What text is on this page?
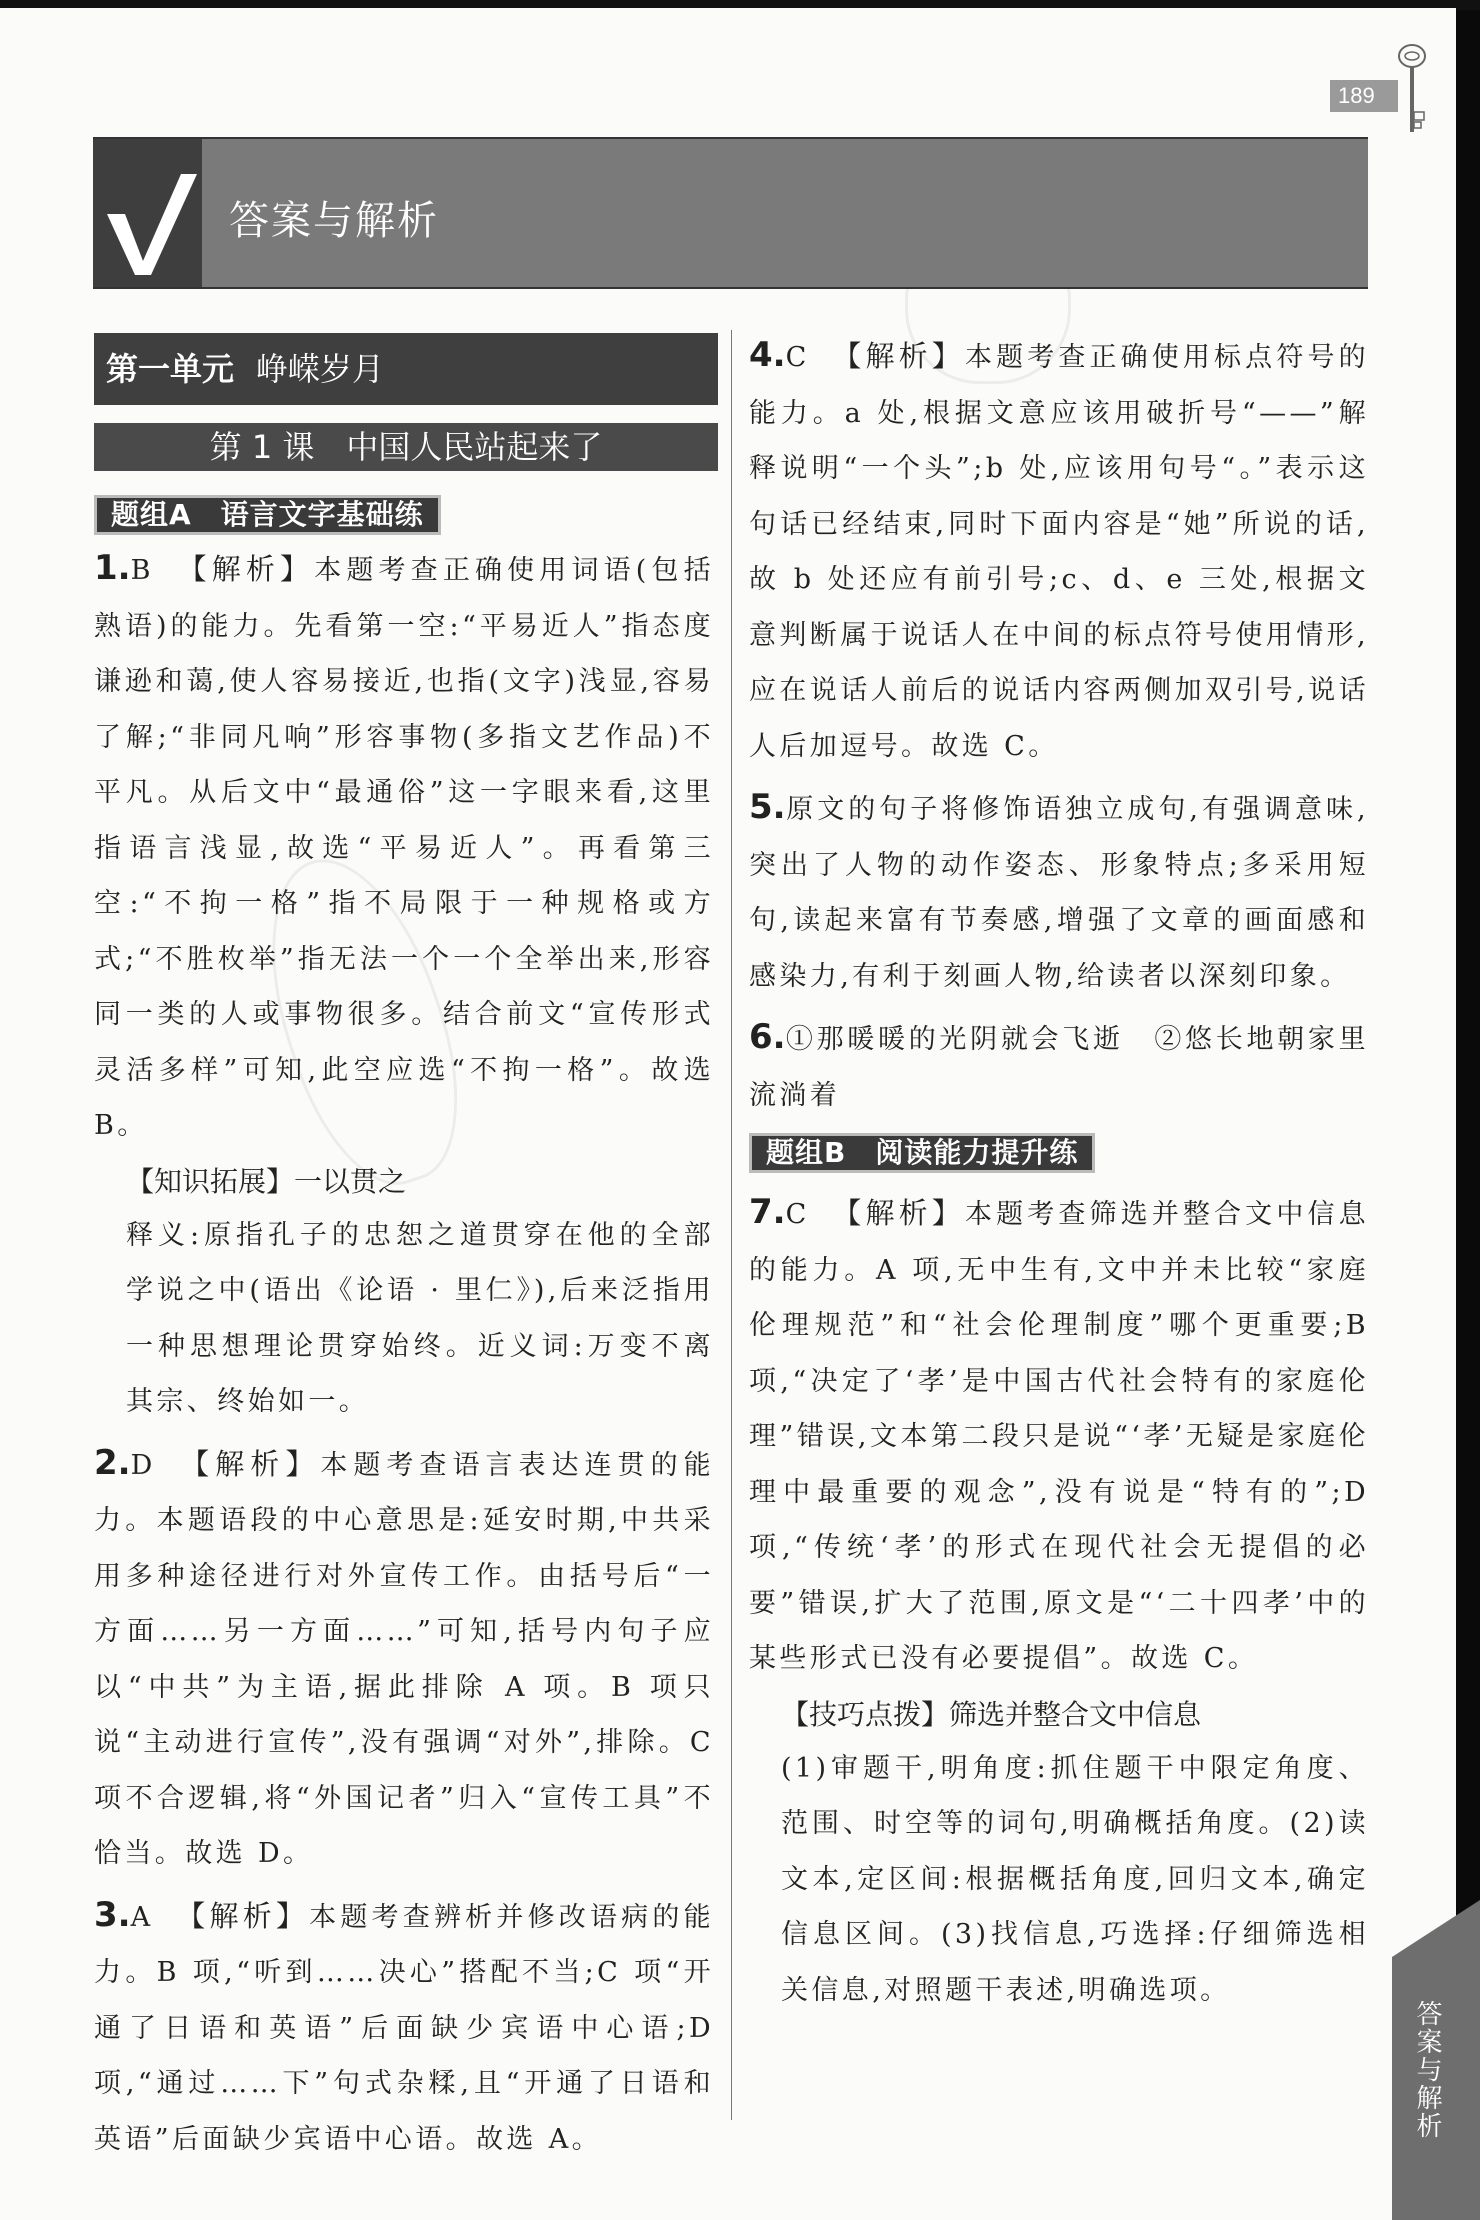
189
答案与解析
第一单元 峥嵘岁月
第 1 课　中国人民站起来了
题组A　语言文字基础练
1.B 【解析】本题考查正确使用词语(包括熟语)的能力。先看第一空:“平易近人”指态度谦逊和蔼,使人容易接近,也指(文字)浅显,容易了解;“非同凡响”形容事物(多指文艺作品)不平凡。从后文中“最通俗”这一字眼来看,这里指语言浅显,故选“平易近人”。再看第三空:“不拘一格”指不局限于一种规格或方式;“不胜枚举”指无法一个一个全举出来,形容同一类的人或事物很多。结合前文“宣传形式灵活多样”可知,此空应选“不拘一格”。故选 B。
【知识拓展】一以贯之
释义:原指孔子的忠恕之道贯穿在他的全部学说之中(语出《论语 · 里仁》),后来泛指用一种思想理论贯穿始终。近义词:万变不离其宗、终始如一。
2.D 【解析】本题考查语言表达连贯的能力。本题语段的中心意思是:延安时期,中共采用多种途径进行对外宣传工作。由括号后“一方面……另一方面……”可知,括号内句子应以“中共”为主语,据此排除 A 项。B 项只说“主动进行宣传”,没有强调“对外”,排除。C 项不合逻辑,将“外国记者”归入“宣传工具”不恰当。故选 D。
3.A 【解析】本题考查辨析并修改语病的能力。B 项,“听到……决心”搭配不当;C 项“开通了日语和英语”后面缺少宾语中心语;D 项,“通过……下”句式杂糅,且“开通了日语和英语”后面缺少宾语中心语。故选 A。
4.C 【解析】本题考查正确使用标点符号的能力。a 处,根据文意应该用破折号“——”解释说明“一个头”;b 处,应该用句号“。”表示这句话已经结束,同时下面内容是“她”所说的话,故 b 处还应有前引号;c、d、e 三处,根据文意判断属于说话人在中间的标点符号使用情形,应在说话人前后的说话内容两侧加双引号,说话人后加逗号。故选 C。
5.原文的句子将修饰语独立成句,有强调意味,突出了人物的动作姿态、形象特点;多采用短句,读起来富有节奏感,增强了文章的画面感和感染力,有利于刻画人物,给读者以深刻印象。
6.①那暖暖的光阴就会飞逝　②悠长地朝家里流淌着
题组B　阅读能力提升练
7.C 【解析】本题考查筛选并整合文中信息的能力。A 项,无中生有,文中并未比较“家庭伦理规范”和“社会伦理制度”哪个更重要;B 项,“决定了‘孝’是中国古代社会特有的家庭伦理”错误,文本第二段只是说“‘孝’无疑是家庭伦理中最重要的观念”,没有说是“特有的”;D 项,“传统‘孝’的形式在现代社会无提倡的必要”错误,扩大了范围,原文是“‘二十四孝’中的某些形式已没有必要提倡”。故选 C。
【技巧点拨】筛选并整合文中信息
(1)审题干,明角度:抓住题干中限定角度、范围、时空等的词句,明确概括角度。(2)读文本,定区间:根据概括角度,回归文本,确定信息区间。(3)找信息,巧选择:仔细筛选相关信息,对照题干表述,明确选项。
答案与解析
